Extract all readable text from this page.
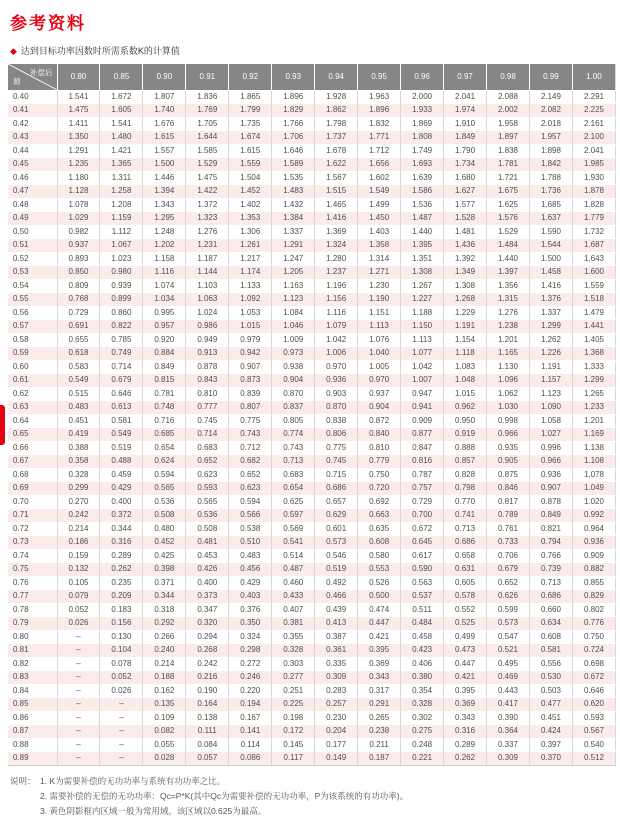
参考资料
◆ 达到目标功率因数时所需系数K的计算值
补偿后
源	0.80	0.85	0.90	0.91	0.92	0.93	0.94	0.95	0.96	0.97	0.98	0.99	1.00
0.40	1.541	1.672	1.807	1.836	1.865	1.896	1.928	1.963	2.000	2.041	2.088	2.149	2.291
0.41	1.475	1.605	1.740	1.769	1.799	1.829	1.862	1.896	1.933	1.974	2.002	2.082	2.225
0.42	1.411	1.541	1.676	1.705	1.735	1.766	1.798	1.832	1.869	1.910	1.958	2.018	2.161
0.43	1.350	1.480	1.615	1.644	1.674	1.706	1.737	1.771	1.808	1.849	1.897	1.957	2.100
0.44	1.291	1.421	1.557	1.585	1.615	1.646	1.678	1.712	1.749	1.790	1.838	1.898	2.041
0.45	1.235	1.365	1.500	1.529	1.559	1.589	1.622	1.656	1.693	1.734	1.781	1.842	1.985
0.46	1.180	1.311	1.446	1.475	1.504	1.535	1.567	1.602	1.639	1.680	1.721	1.788	1.930
0.47	1.128	1.258	1.394	1.422	1.452	1.483	1.515	1.549	1.586	1.627	1.675	1.736	1.878
0.48	1.078	1.208	1.343	1.372	1.402	1.432	1.465	1.499	1.536	1.577	1.625	1.685	1.828
0.49	1.029	1.159	1.295	1.323	1.353	1.384	1.416	1.450	1.487	1.528	1.576	1.637	1.779
0.50	0.982	1.112	1.248	1.276	1.306	1.337	1.369	1.403	1.440	1.481	1.529	1.590	1.732
0.51	0.937	1.067	1.202	1.231	1.261	1.291	1.324	1.358	1.395	1.436	1.484	1.544	1.687
0.52	0.893	1.023	1.158	1.187	1.217	1.247	1.280	1.314	1.351	1.392	1.440	1.500	1.643
0.53	0.850	0.980	1.116	1.144	1.174	1.205	1.237	1.271	1.308	1.349	1.397	1.458	1.600
0.54	0.809	0.939	1.074	1.103	1.133	1.163	1.196	1.230	1.267	1.308	1.356	1.416	1.559
0.55	0.768	0.899	1.034	1.063	1.092	1.123	1.156	1.190	1.227	1.268	1.315	1.376	1.518
0.56	0.729	0.860	0.995	1.024	1.053	1.084	1.116	1.151	1.188	1.229	1.276	1.337	1.479
0.57	0.691	0.822	0.957	0.986	1.015	1.046	1.079	1.113	1.150	1.191	1.238	1.299	1.441
0.58	0.655	0.785	0.920	0.949	0.979	1.009	1.042	1.076	1.113	1.154	1.201	1.262	1.405
0.59	0.618	0.749	0.884	0.913	0.942	0.973	1.006	1.040	1.077	1.118	1.165	1.226	1.368
0.60	0.583	0.714	0.849	0.878	0.907	0.938	0.970	1.005	1.042	1.083	1.130	1.191	1.333
0.61	0.549	0.679	0.815	0.843	0.873	0.904	0.936	0.970	1.007	1.048	1.096	1.157	1.299
0.62	0.515	0.646	0.781	0.810	0.839	0.870	0.903	0.937	0.947	1.015	1.062	1.123	1.265
0.63	0.483	0.613	0.748	0.777	0.807	0.837	0.870	0.904	0.941	0.962	1.030	1.090	1.233
0.64	0.451	0.581	0.716	0.745	0.775	0.805	0.838	0.872	0.909	0.950	0.998	1.058	1.201
0.65	0.419	0.549	0.685	0.714	0.743	0.774	0.806	0.840	0.877	0.919	0.966	1.027	1.169
0.66	0.388	0.519	0.654	0.683	0.712	0.743	0.775	0.810	0.847	0.888	0.935	0.996	1.138
0.67	0.358	0.488	0.624	0.652	0.682	0.713	0.745	0.779	0.816	0.857	0.905	0.966	1.108
0.68	0.328	0.459	0.594	0.623	0.652	0.683	0.715	0.750	0.787	0.828	0.875	0.936	1.078
0.69	0.299	0.429	0.565	0.593	0.623	0.654	0.686	0.720	0.757	0.798	0.846	0.907	1.049
0.70	0.270	0.400	0.536	0.565	0.594	0.625	0.657	0.692	0.729	0.770	0.817	0.878	1.020
0.71	0.242	0.372	0.508	0.536	0.566	0.597	0.629	0.663	0.700	0.741	0.789	0.849	0.992
0.72	0.214	0.344	0.480	0.508	0.538	0.569	0.601	0.635	0.672	0.713	0.761	0.821	0.964
0.73	0.186	0.316	0.452	0.481	0.510	0.541	0.573	0.608	0.645	0.686	0.733	0.794	0.936
0.74	0.159	0.289	0.425	0.453	0.483	0.514	0.546	0.580	0.617	0.658	0.706	0.766	0.909
0.75	0.132	0.262	0.398	0.426	0.456	0.487	0.519	0.553	0.590	0.631	0.679	0.739	0.882
0.76	0.105	0.235	0.371	0.400	0.429	0.460	0.492	0.526	0.563	0.605	0.652	0.713	0.855
0.77	0.079	0.209	0.344	0.373	0.403	0.433	0.466	0.500	0.537	0.578	0.626	0.686	0.829
0.78	0.052	0.183	0.318	0.347	0.376	0.407	0.439	0.474	0.511	0.552	0.599	0.660	0.802
0.79	0.026	0.156	0.292	0.320	0.350	0.381	0.413	0.447	0.484	0.525	0.573	0.634	0.776
0.80	–	0.130	0.266	0.294	0.324	0.355	0.387	0.421	0.458	0.499	0.547	0.608	0.750
0.81	–	0.104	0.240	0.268	0.298	0.328	0.361	0.395	0.423	0.473	0.521	0.581	0.724
0.82	–	0.078	0.214	0.242	0.272	0.303	0.335	0.369	0.406	0.447	0.495	0.556	0.698
0.83	–	0.052	0.188	0.216	0.246	0.277	0.309	0.343	0.380	0.421	0.469	0.530	0.672
0.84	–	0.026	0.162	0.190	0.220	0.251	0.283	0.317	0.354	0.395	0.443	0.503	0.646
0.85	–	–	0.135	0.164	0.194	0.225	0.257	0.291	0.328	0.369	0.417	0.477	0.620
0.86	–	–	0.109	0.138	0.167	0.198	0.230	0.265	0.302	0.343	0.390	0.451	0.593
0.87	–	–	0.082	0.111	0.141	0.172	0.204	0.238	0.275	0.316	0.364	0.424	0.567
0.88	–	–	0.055	0.084	0.114	0.145	0.177	0.211	0.248	0.289	0.337	0.397	0.540
0.89	–	–	0.028	0.057	0.086	0.117	0.149	0.187	0.221	0.262	0.309	0.370	0.512
说明： 1. K为需要补偿的无功功率与系统有功功率之比。
2. 需要补偿的无偿的无功功率：Qc=P*K(其中Qc为需要补偿的无功功率，P为该系统的有功功率)。
3. 黄色阴影框内区域一般为常用域，该区域以0.625为最高。
